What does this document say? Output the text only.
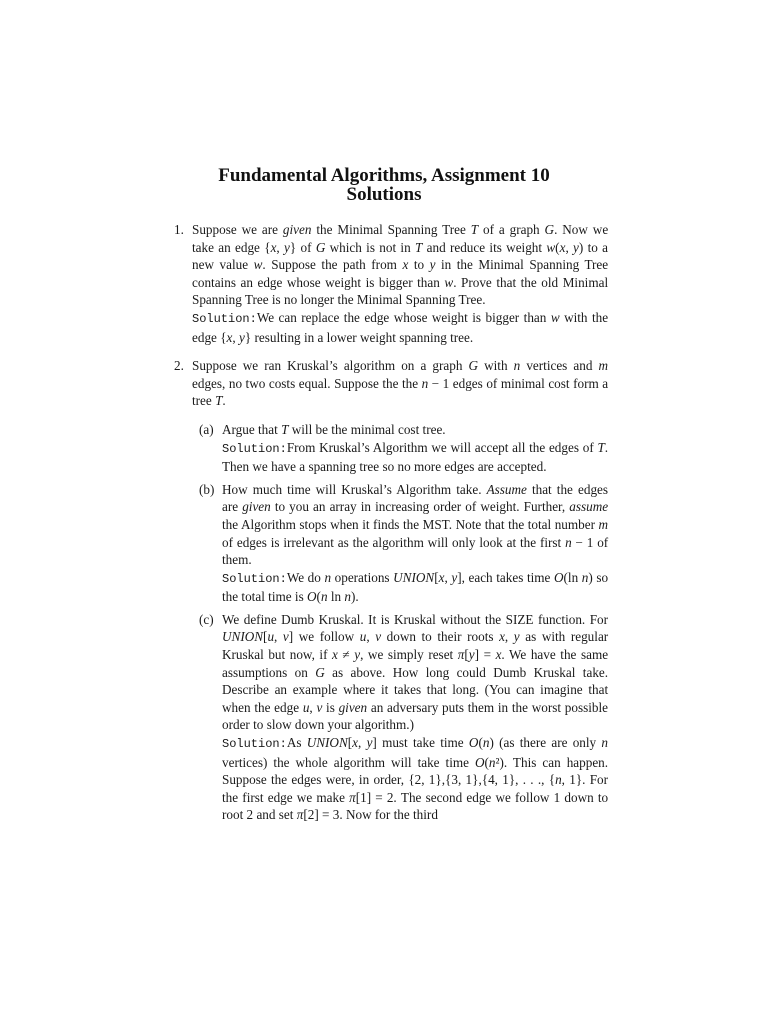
Fundamental Algorithms, Assignment 10
Solutions
1. Suppose we are given the Minimal Spanning Tree T of a graph G. Now we take an edge {x, y} of G which is not in T and reduce its weight w(x, y) to a new value w. Suppose the path from x to y in the Minimal Spanning Tree contains an edge whose weight is bigger than w. Prove that the old Minimal Spanning Tree is no longer the Minimal Spanning Tree.

Solution:We can replace the edge whose weight is bigger than w with the edge {x, y} resulting in a lower weight spanning tree.

2. Suppose we ran Kruskal’s algorithm on a graph G with n vertices and m edges, no two costs equal. Suppose the the n − 1 edges of minimal cost form a tree T.

(a) Argue that T will be the minimal cost tree.

Solution:From Kruskal’s Algorithm we will accept all the edges of T. Then we have a spanning tree so no more edges are accepted.

(b) How much time will Kruskal’s Algorithm take. Assume that the edges are given to you an array in increasing order of weight. Further, assume the Algorithm stops when it finds the MST. Note that the total number m of edges is irrelevant as the algorithm will only look at the first n − 1 of them.

Solution:We do n operations UNION[x, y], each takes time O(ln n) so the total time is O(n ln n).

(c) We define Dumb Kruskal. It is Kruskal without the SIZE function. For UNION[u, v] we follow u, v down to their roots x, y as with regular Kruskal but now, if x ≠ y, we simply reset π[y] = x. We have the same assumptions on G as above. How long could Dumb Kruskal take. Describe an example where it takes that long. (You can imagine that when the edge u, v is given an adversary puts them in the worst possible order to slow down your algorithm.)

Solution:As UNION[x, y] must take time O(n) (as there are only n vertices) the whole algorithm will take time O(n²). This can happen. Suppose the edges were, in order, {2, 1},{3, 1},{4, 1}, . . ., {n, 1}. For the first edge we make π[1] = 2. The second edge we follow 1 down to root 2 and set π[2] = 3. Now for the third
